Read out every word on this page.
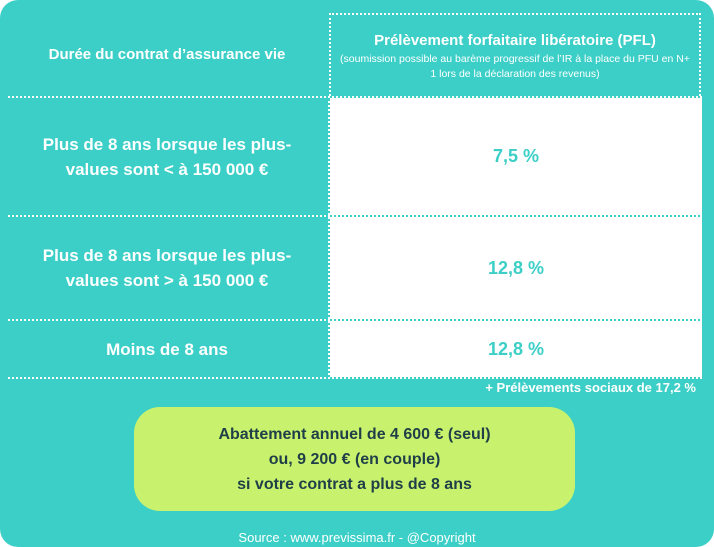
Durée du contrat d’assurance vie
Prélèvement forfaitaire libératoire (PFL)
(soumission possible au barème progressif de l’IR à la place du PFU en N+ 1 lors de la déclaration des revenus)
Plus de 8 ans lorsque les plus-
values sont < à 150 000 €
7,5 %
Plus de 8 ans lorsque les plus-
values sont > à 150 000 €
12,8 %
Moins de 8 ans	12,8 %
+ Prélèvements sociaux de 17,2 %
Abattement annuel de 4 600 € (seul)
ou, 9 200 € (en couple)
si votre contrat a plus de 8 ans
Source : www.previssima.fr - @Copyright
